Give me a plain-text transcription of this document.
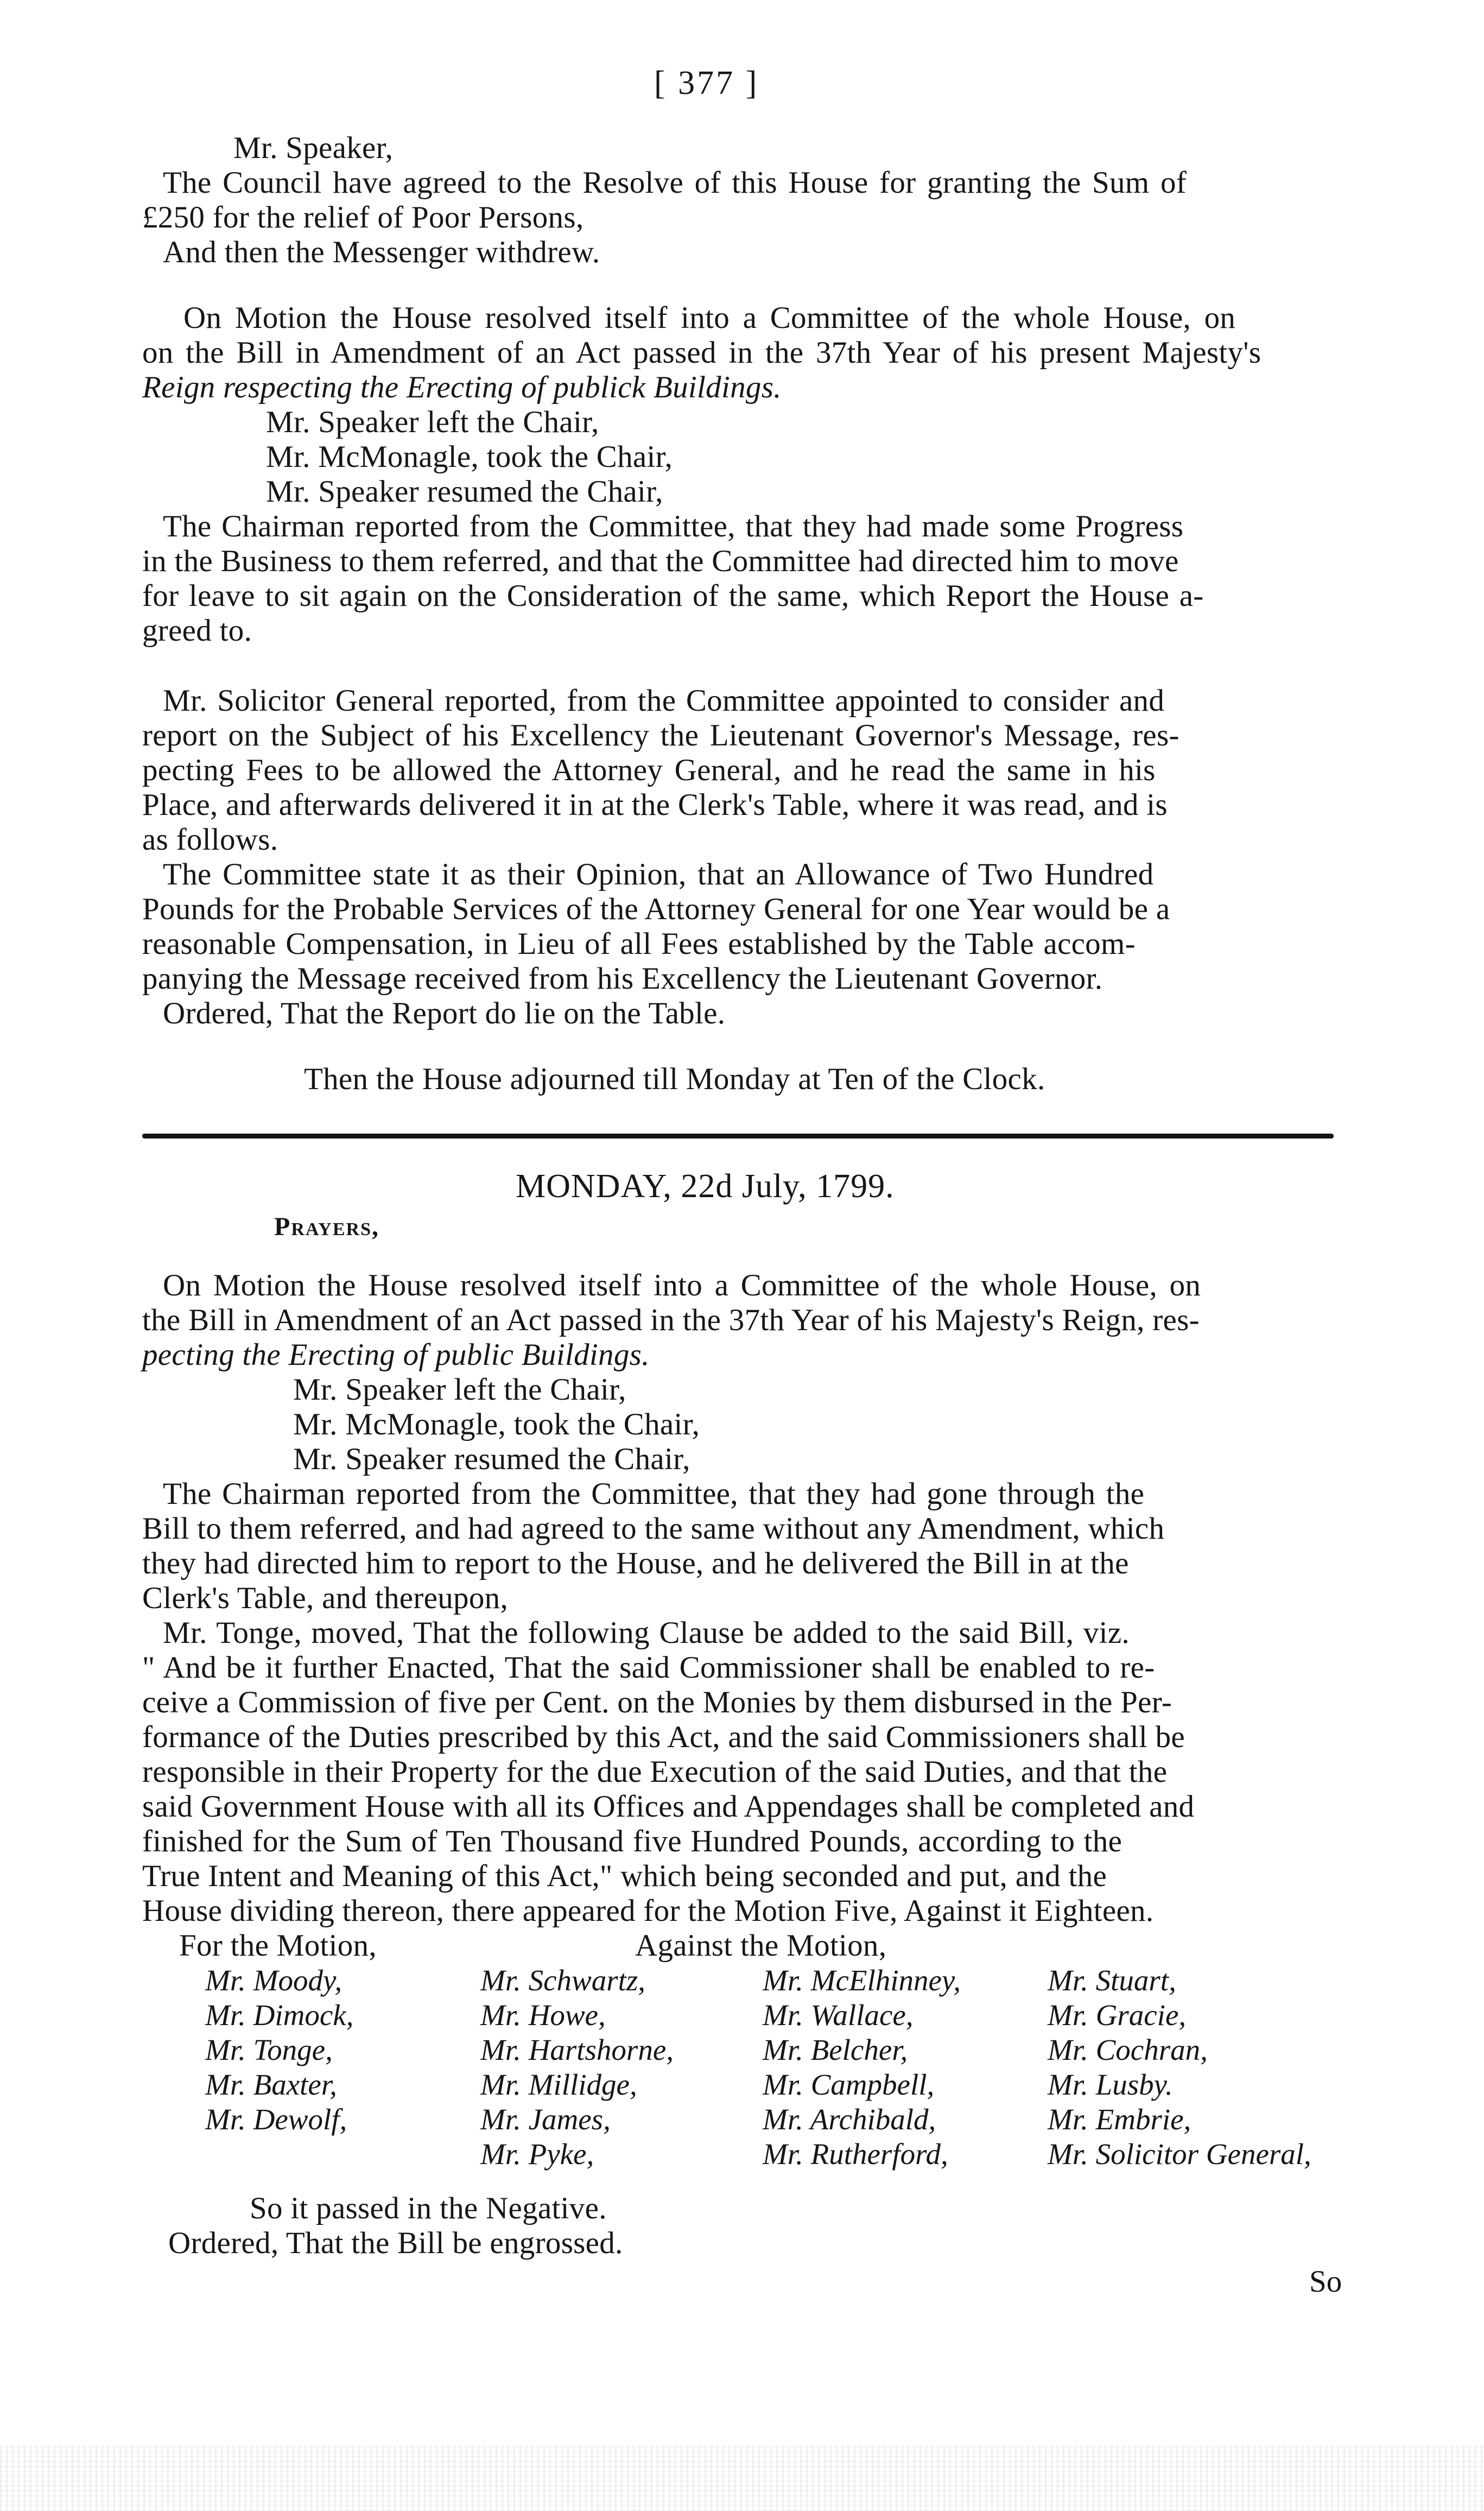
[ 377 ]
Mr. Speaker,
The Council have agreed to the Resolve of this House for granting the Sum of
£250 for the relief of Poor Persons,
And then the Messenger withdrew.
On Motion the House resolved itself into a Committee of the whole House, on
on the Bill in Amendment of an Act passed in the 37th Year of his present Majesty's
Reign respecting the Erecting of publick Buildings.
Mr. Speaker left the Chair,
Mr. McMonagle, took the Chair,
Mr. Speaker resumed the Chair,
The Chairman reported from the Committee, that they had made some Progress
in the Business to them referred, and that the Committee had directed him to move
for leave to sit again on the Consideration of the same, which Report the House a-
greed to.
Mr. Solicitor General reported, from the Committee appointed to consider and
report on the Subject of his Excellency the Lieutenant Governor's Message, res-
pecting Fees to be allowed the Attorney General, and he read the same in his
Place, and afterwards delivered it in at the Clerk's Table, where it was read, and is
as follows.
The Committee state it as their Opinion, that an Allowance of Two Hundred
Pounds for the Probable Services of the Attorney General for one Year would be a
reasonable Compensation, in Lieu of all Fees established by the Table accom-
panying the Message received from his Excellency the Lieutenant Governor.
Ordered, That the Report do lie on the Table.
Then the House adjourned till Monday at Ten of the Clock.
MONDAY, 22d July, 1799.
Prayers,
On Motion the House resolved itself into a Committee of the whole House, on
the Bill in Amendment of an Act passed in the 37th Year of his Majesty's Reign, res-
pecting the Erecting of public Buildings.
Mr. Speaker left the Chair,
Mr. McMonagle, took the Chair,
Mr. Speaker resumed the Chair,
The Chairman reported from the Committee, that they had gone through the
Bill to them referred, and had agreed to the same without any Amendment, which
they had directed him to report to the House, and he delivered the Bill in at the
Clerk's Table, and thereupon,
Mr. Tonge, moved, That the following Clause be added to the said Bill, viz.
" And be it further Enacted, That the said Commissioner shall be enabled to re-
ceive a Commission of five per Cent. on the Monies by them disbursed in the Per-
formance of the Duties prescribed by this Act, and the said Commissioners shall be
responsible in their Property for the due Execution of the said Duties, and that the
said Government House with all its Offices and Appendages shall be completed and
finished for the Sum of Ten Thousand five Hundred Pounds, according to the
True Intent and Meaning of this Act," which being seconded and put, and the
House dividing thereon, there appeared for the Motion Five, Against it Eighteen.
For the Motion,	Against the Motion,
Mr. Moody,
Mr. Dimock,
Mr. Tonge,
Mr. Baxter,
Mr. Dewolf,
Mr. Schwartz,
Mr. Howe,
Mr. Hartshorne,
Mr. Millidge,
Mr. James,
Mr. Pyke,
Mr. McElhinney,
Mr. Wallace,
Mr. Belcher,
Mr. Campbell,
Mr. Archibald,
Mr. Rutherford,
Mr. Stuart,
Mr. Gracie,
Mr. Cochran,
Mr. Lusby.
Mr. Embrie,
Mr. Solicitor General,
So it passed in the Negative.
Ordered, That the Bill be engrossed.
So
